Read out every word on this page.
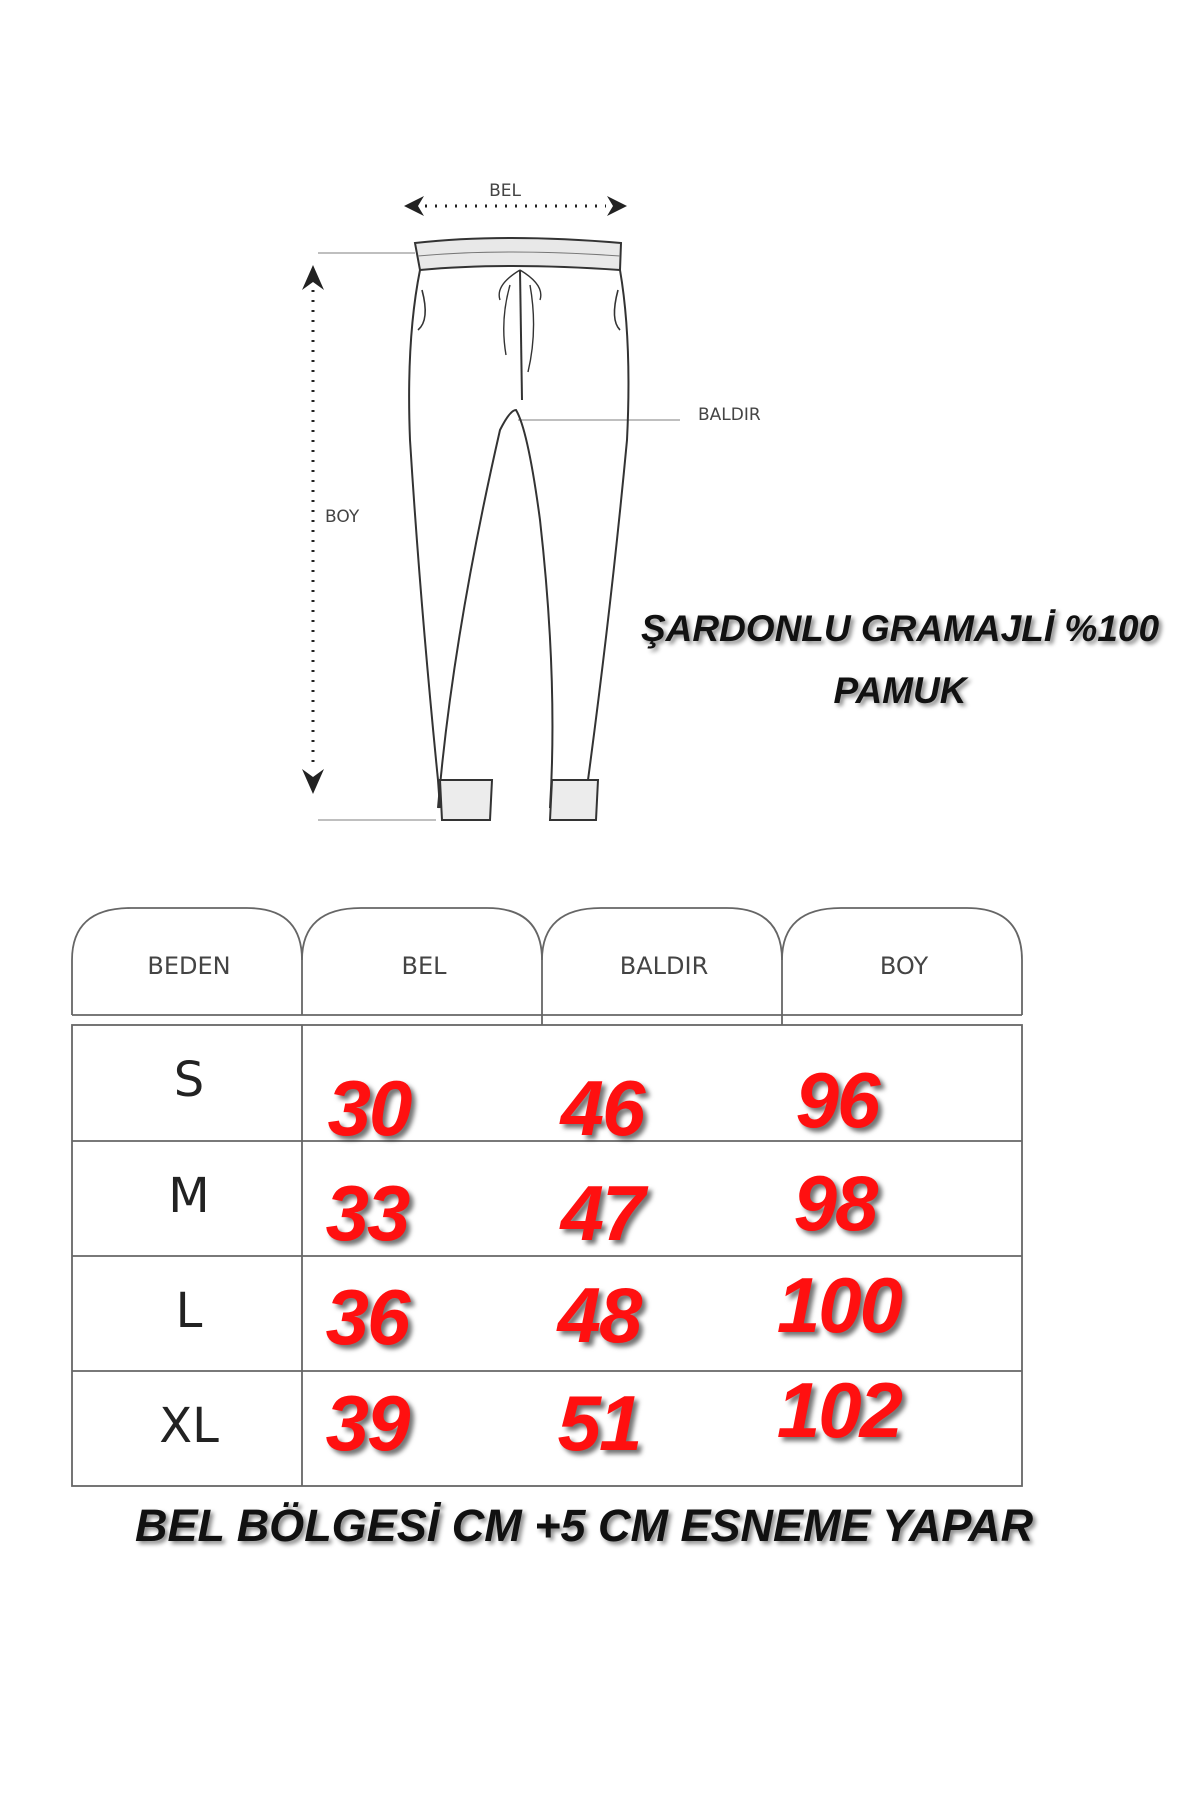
BEL
BOY
BALDIR
ŞARDONLU GRAMAJLİ %100
PAMUK
BEDEN	BEL	BALDIR	BOY
S	30	46	96
M	33	47	98
L	36	48	100
XL	39	51	102
BEL BÖLGESİ CM +5 CM ESNEME YAPAR
